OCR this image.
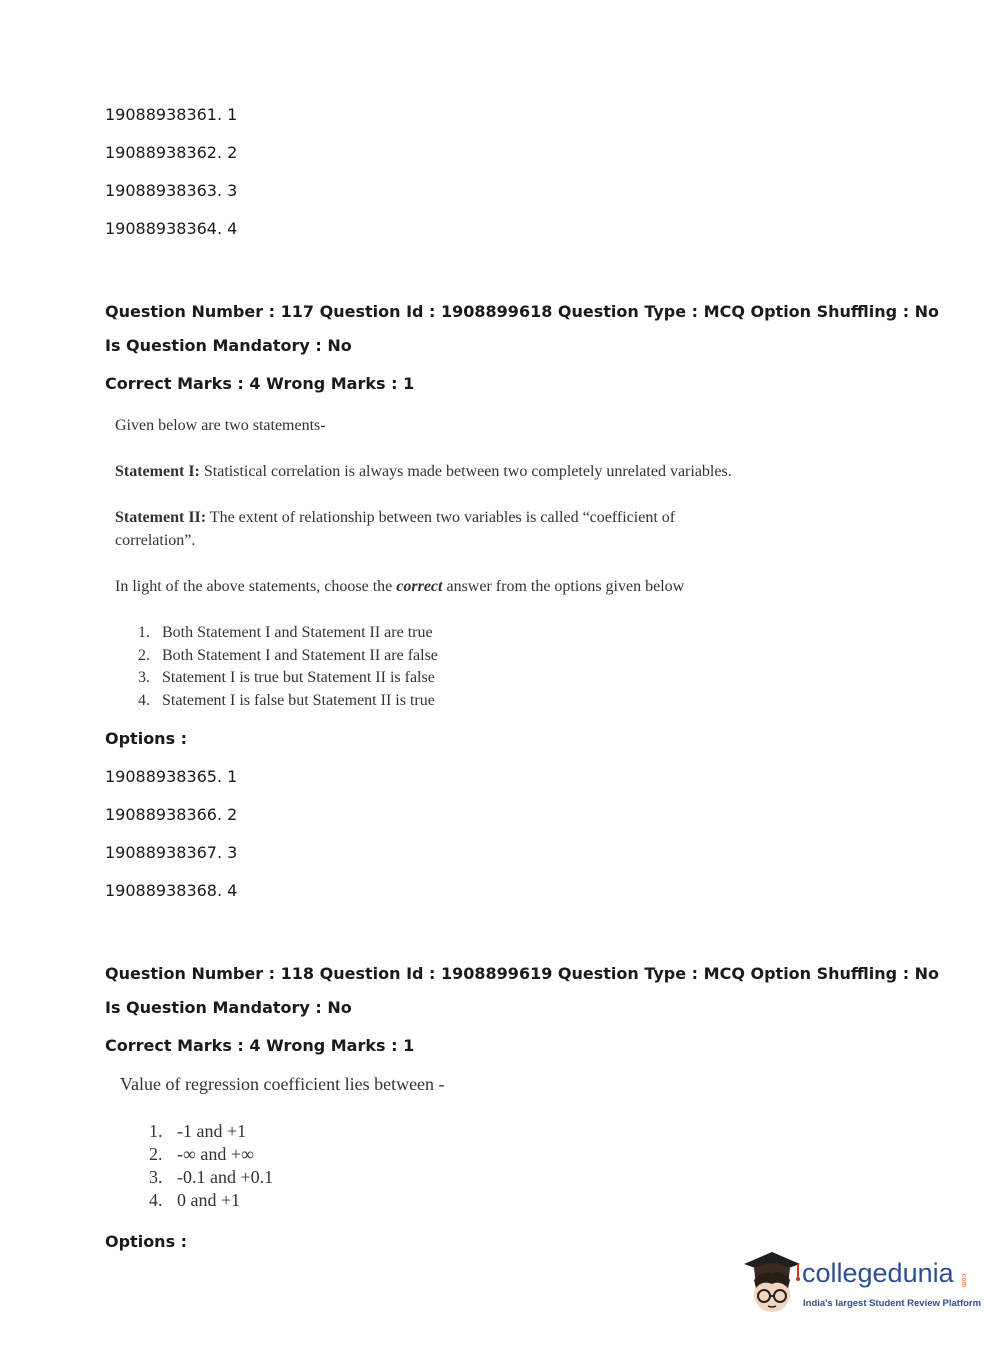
19088938361. 1
19088938362. 2
19088938363. 3
19088938364. 4
Question Number : 117 Question Id : 1908899618 Question Type : MCQ Option Shuffling : No
Is Question Mandatory : No
Correct Marks : 4 Wrong Marks : 1
Given below are two statements-
Statement I: Statistical correlation is always made between two completely unrelated variables.
Statement II: The extent of relationship between two variables is called “coefficient of
correlation”.
In light of the above statements, choose the correct answer from the options given below
1. Both Statement I and Statement II are true
2. Both Statement I and Statement II are false
3. Statement I is true but Statement II is false
4. Statement I is false but Statement II is true
Options :
19088938365. 1
19088938366. 2
19088938367. 3
19088938368. 4
Question Number : 118 Question Id : 1908899619 Question Type : MCQ Option Shuffling : No
Is Question Mandatory : No
Correct Marks : 4 Wrong Marks : 1
Value of regression coefficient lies between -
1. -1 and +1
2. -∞ and +∞
3. -0.1 and +0.1
4. 0 and +1
Options :
collegedunia .com
India's largest Student Review Platform
